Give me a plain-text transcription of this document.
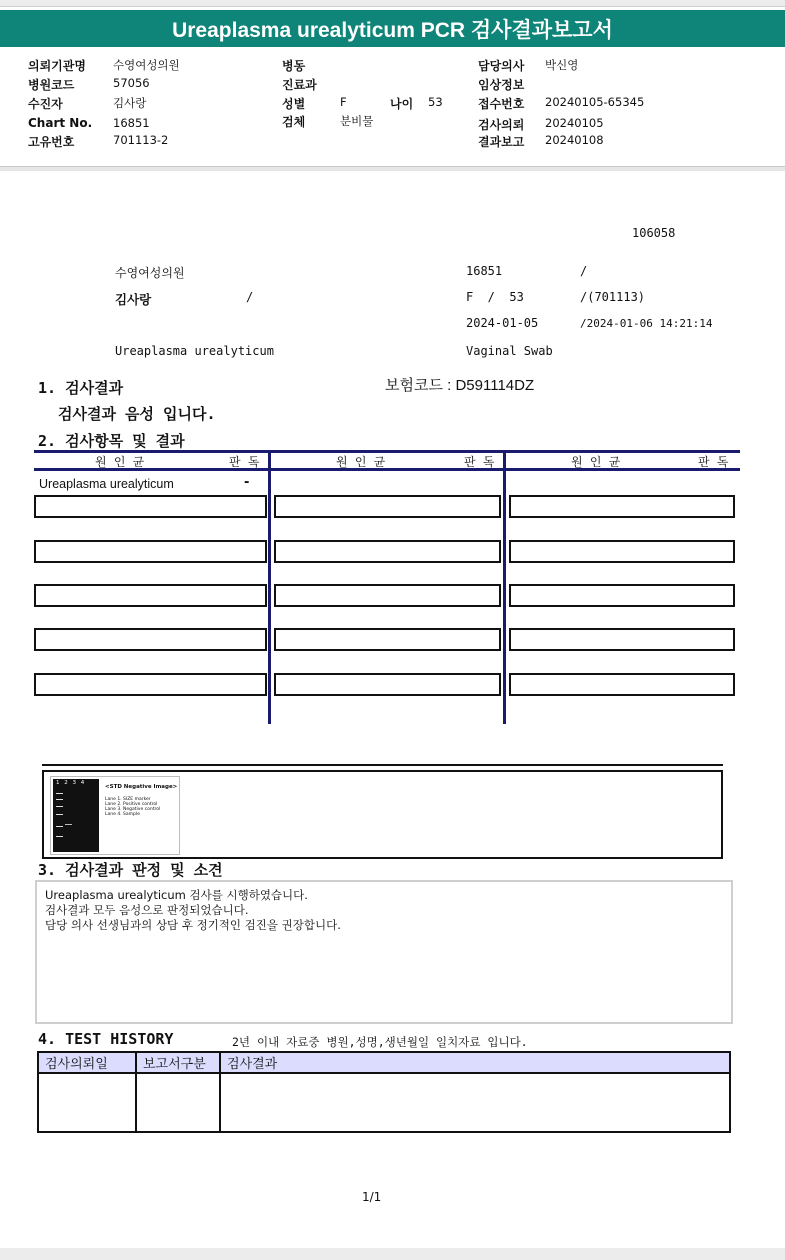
Ureaplasma urealyticum PCR 검사결과보고서
의뢰기관명 수영여성의원
병원코드	57056
수진자	김사랑
Chart No. 16851
고유번호	701113-2
병동
진료과
성별	F	나이 53
검체	분비물
담당의사 박신영
임상정보
접수번호 20240105-65345
검사의뢰 20240105
결과보고 20240108
106058
수영여성의원	16851	/
김사랑	/	F  /  53	/(701113)
2024-01-05	/2024-01-06 14:21:14
Ureaplasma urealyticum	Vaginal Swab
1. 검사결과	보험코드 : D591114DZ
검사결과 음성 입니다.
2. 검사항목 및 결과
원 인 균	판 독	원 인 균	판 독	원 인 균	판 독
Ureaplasma urealyticum	-
1 2 3 4
<STD Negative Image>
Lane 1. SIZE marker
Lane 2. Positive control
Lane 3. Negative control
Lane 4. Sample
3. 검사결과 판정 및 소견
Ureaplasma urealyticum 검사를 시행하였습니다.
검사결과 모두 음성으로 판정되었습니다.
담당 의사 선생님과의 상담 후 정기적인 검진을 권장합니다.
4. TEST HISTORY	2년 이내 자료중 병원,성명,생년월일 일치자료 입니다.
검사의뢰일	보고서구분	검사결과

1/1
